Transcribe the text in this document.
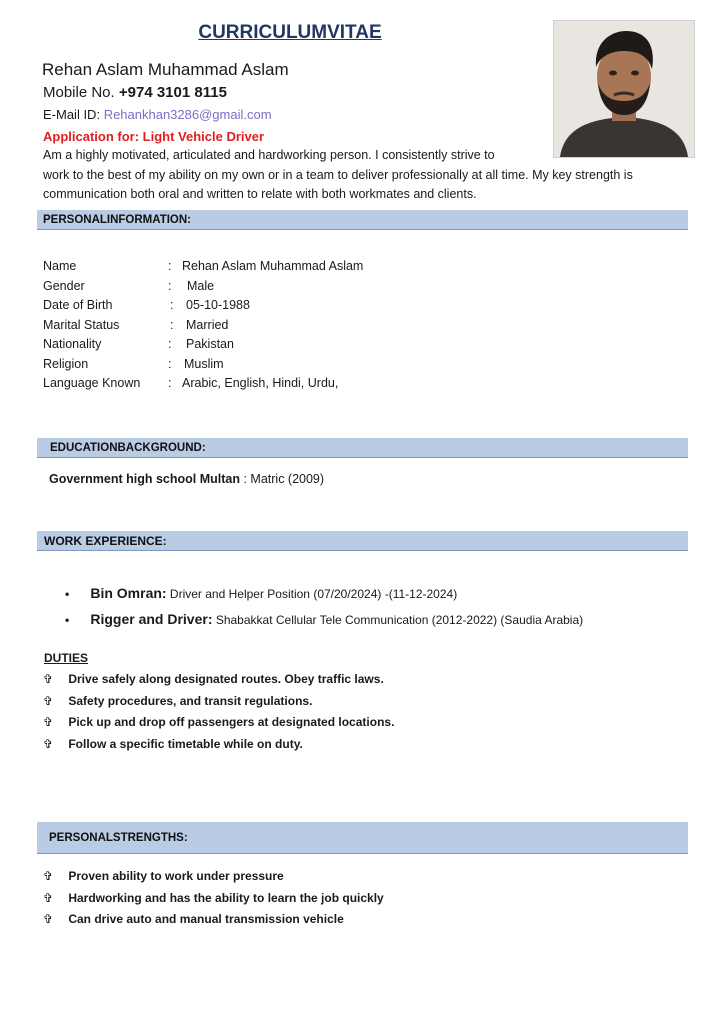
CURRICULUMVITAE
Rehan Aslam Muhammad Aslam
Mobile No. +974 3101 8115
E-Mail ID: Rehankhan3286@gmail.com
Application for: Light Vehicle Driver
Am a highly motivated, articulated and hardworking person. I consistently strive to
work to the best of my ability on my own or in a team to deliver professionally at all time. My key strength is
communication both oral and written to relate with both workmates and clients.
PERSONALINFORMATION:
Name	: Rehan Aslam Muhammad Aslam
Gender	:	Male
Date of Birth	:	05-10-1988
Marital Status	:	Married
Nationality	:	Pakistan
Religion	:	Muslim
Language Known	: Arabic, English, Hindi, Urdu,
EDUCATIONBACKGROUND:
Government high school Multan : Matric (2009)
WORK EXPERIENCE:
• Bin Omran: Driver and Helper Position (07/20/2024) -(11-12-2024)
• Rigger and Driver: Shabakkat Cellular Tele Communication (2012-2022) (Saudia Arabia)
DUTIES
✞ Drive safely along designated routes. Obey traffic laws.
✞ Safety procedures, and transit regulations.
✞ Pick up and drop off passengers at designated locations.
✞ Follow a specific timetable while on duty.
PERSONALSTRENGTHS:
✞ Proven ability to work under pressure
✞ Hardworking and has the ability to learn the job quickly
✞ Can drive auto and manual transmission vehicle
